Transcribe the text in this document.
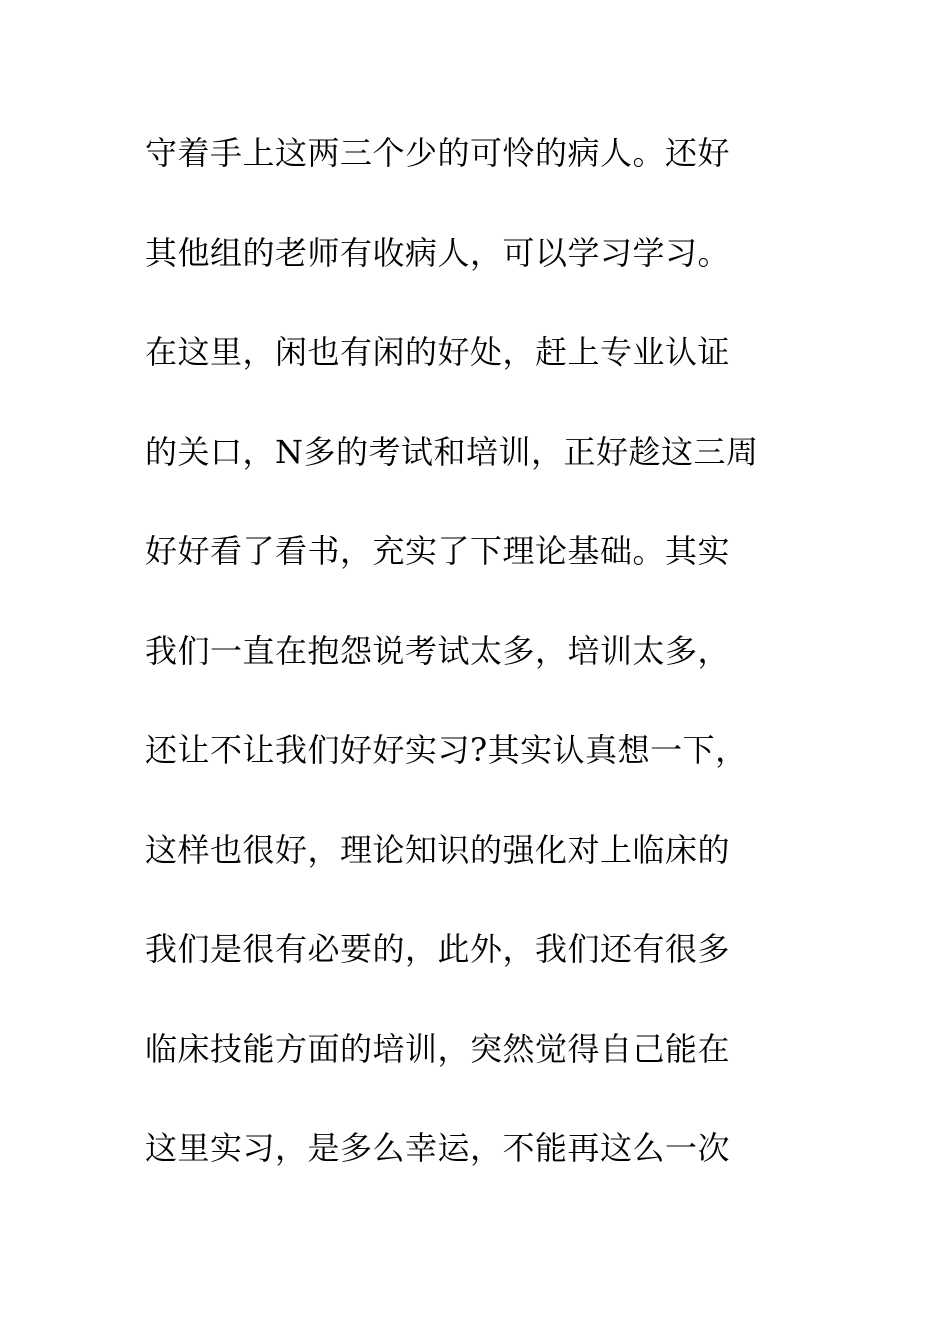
守着手上这两三个少的可怜的病人。还好
其他组的老师有收病人，可以学习学习。
在这里，闲也有闲的好处，赶上专业认证
的关口，N多的考试和培训，正好趁这三周
好好看了看书，充实了下理论基础。其实
我们一直在抱怨说考试太多，培训太多，
还让不让我们好好实习?其实认真想一下，
这样也很好，理论知识的强化对上临床的
我们是很有必要的，此外，我们还有很多
临床技能方面的培训，突然觉得自己能在
这里实习，是多么幸运，不能再这么一次
